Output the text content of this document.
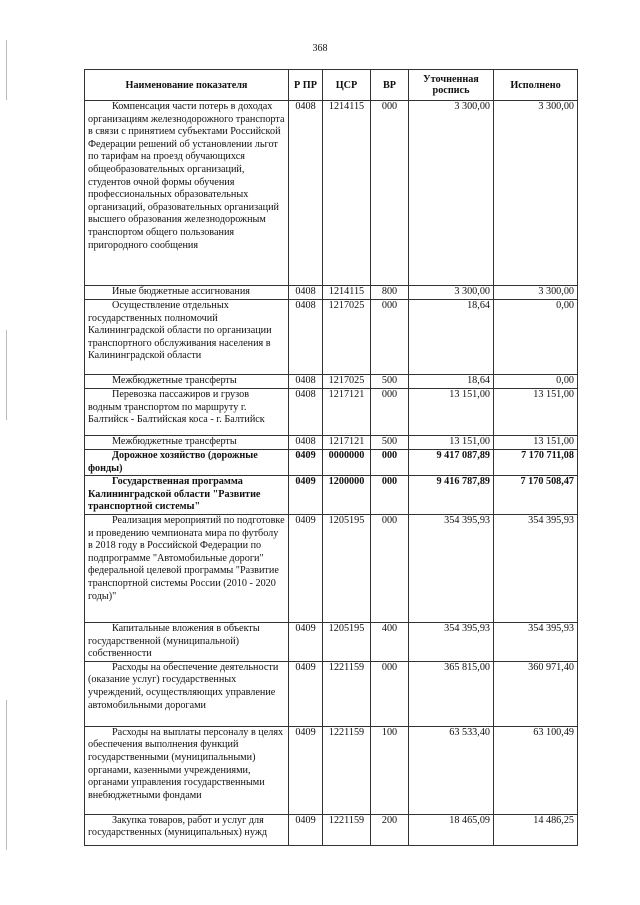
368
Наименование показателя	Р ПР	ЦСР	ВР	Уточненная роспись	Исполнено

Компенсация части потерь в доходах организациям железнодорожного транспорта в связи с принятием субъектами Российской Федерации решений об установлении льгот по тарифам на проезд обучающихся общеобразовательных организаций, студентов очной формы обучения профессиональных образовательных организаций, образовательных организаций высшего образования железнодорожным транспортом общего пользования пригородного сообщения	0408	1214115	000	3 300,00	3 300,00

Иные бюджетные ассигнования	0408	1214115	800	3 300,00	3 300,00

Осуществление отдельных государственных полномочий Калининградской области по организации транспортного обслуживания населения в Калининградской области	0408	1217025	000	18,64	0,00

Межбюджетные трансферты	0408	1217025	500	18,64	0,00

Перевозка пассажиров и грузов водным транспортом по маршруту г. Балтийск - Балтийская коса - г. Балтийск	0408	1217121	000	13 151,00	13 151,00

Межбюджетные трансферты	0408	1217121	500	13 151,00	13 151,00

Дорожное хозяйство (дорожные фонды)	0409	0000000	000	9 417 087,89	7 170 711,08

Государственная программа Калининградской области "Развитие транспортной системы"	0409	1200000	000	9 416 787,89	7 170 508,47

Реализация мероприятий по подготовке и проведению чемпионата мира по футболу в 2018 году в Российской Федерации по подпрограмме "Автомобильные дороги" федеральной целевой программы "Развитие транспортной системы России (2010 - 2020 годы)"	0409	1205195	000	354 395,93	354 395,93

Капитальные вложения в объекты государственной (муниципальной) собственности	0409	1205195	400	354 395,93	354 395,93

Расходы на обеспечение деятельности (оказание услуг) государственных учреждений, осуществляющих управление автомобильными дорогами	0409	1221159	000	365 815,00	360 971,40

Расходы на выплаты персоналу в целях обеспечения выполнения функций государственными (муниципальными) органами, казенными учреждениями, органами управления государственными внебюджетными фондами	0409	1221159	100	63 533,40	63 100,49

Закупка товаров, работ и услуг для государственных (муниципальных) нужд	0409	1221159	200	18 465,09	14 486,25
